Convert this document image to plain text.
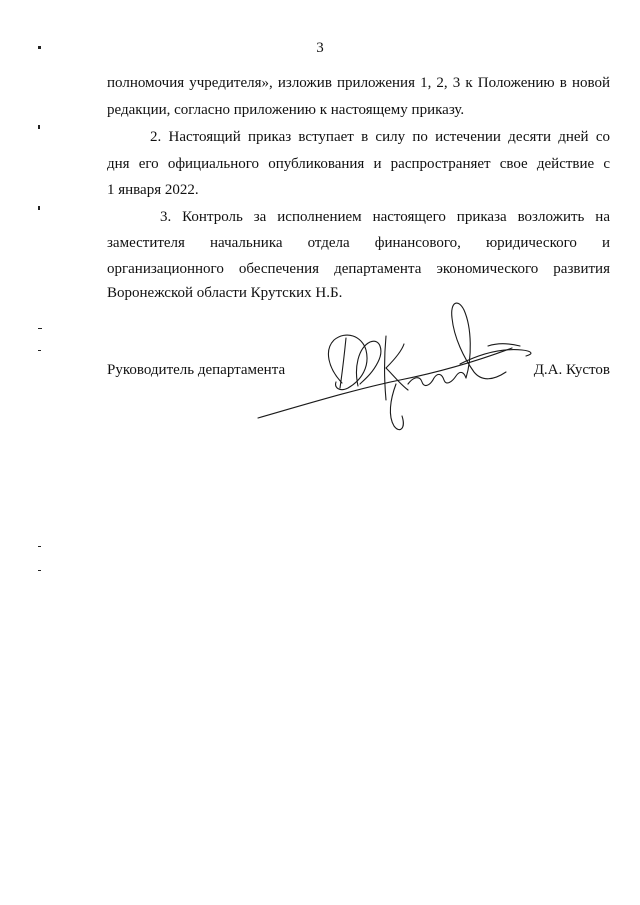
3
полномочия учредителя», изложив приложения 1, 2, 3 к Положению в новой
редакции, согласно приложению к настоящему приказу.
2. Настоящий приказ вступает в силу по истечении десяти дней со
дня его официального опубликования и распространяет свое действие с
1 января 2022.
3. Контроль за исполнением настоящего приказа возложить на
заместителя начальника отдела финансового, юридического и
организационного обеспечения департамента экономического развития
Воронежской области Крутских Н.Б.
Руководитель департамента	Д.А. Кустов
